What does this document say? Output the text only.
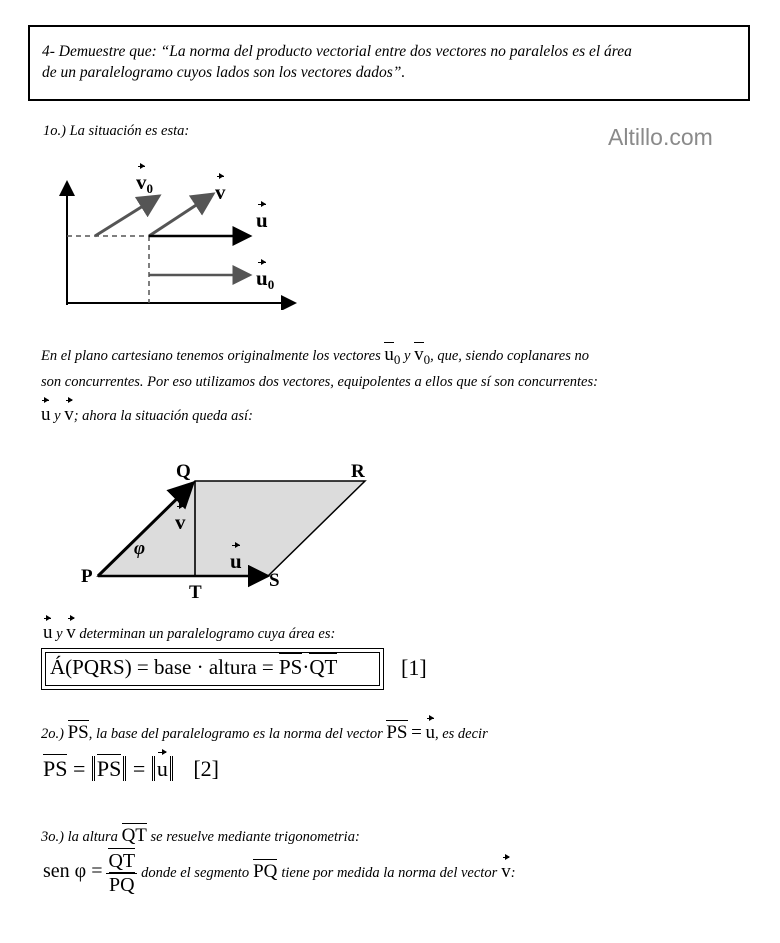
4- Demuestre que: “La norma del producto vectorial entre dos vectores no paralelos es el área
de un paralelogramo cuyos lados son los vectores dados”.
Altillo.com
1o.) La situación es esta:
$v_0$	v
u
$u_0$
En el plano cartesiano tenemos originalmente los vectores $u_0$ y $v_0$, que, siendo coplanares no
son concurrentes. Por eso utilizamos dos vectores, equipolentes a ellos que sí son concurrentes:
u y v; ahora la situación queda así:
P
Q	R
S
T
φ
v
u
u y v determinan un paralelogramo cuya área es:
Á(PQRS) = base · altura = PS·QT	[1]
2o.) PS, la base del paralelogramo es la norma del vector PS = u, es decir
PS = PS = u [2]
3o.) la altura QT se resuelve mediante trigonometria:
sen $\varphi = \frac{QT}{PQ}$ donde el segmento PQ tiene por medida la norma del vector v:
